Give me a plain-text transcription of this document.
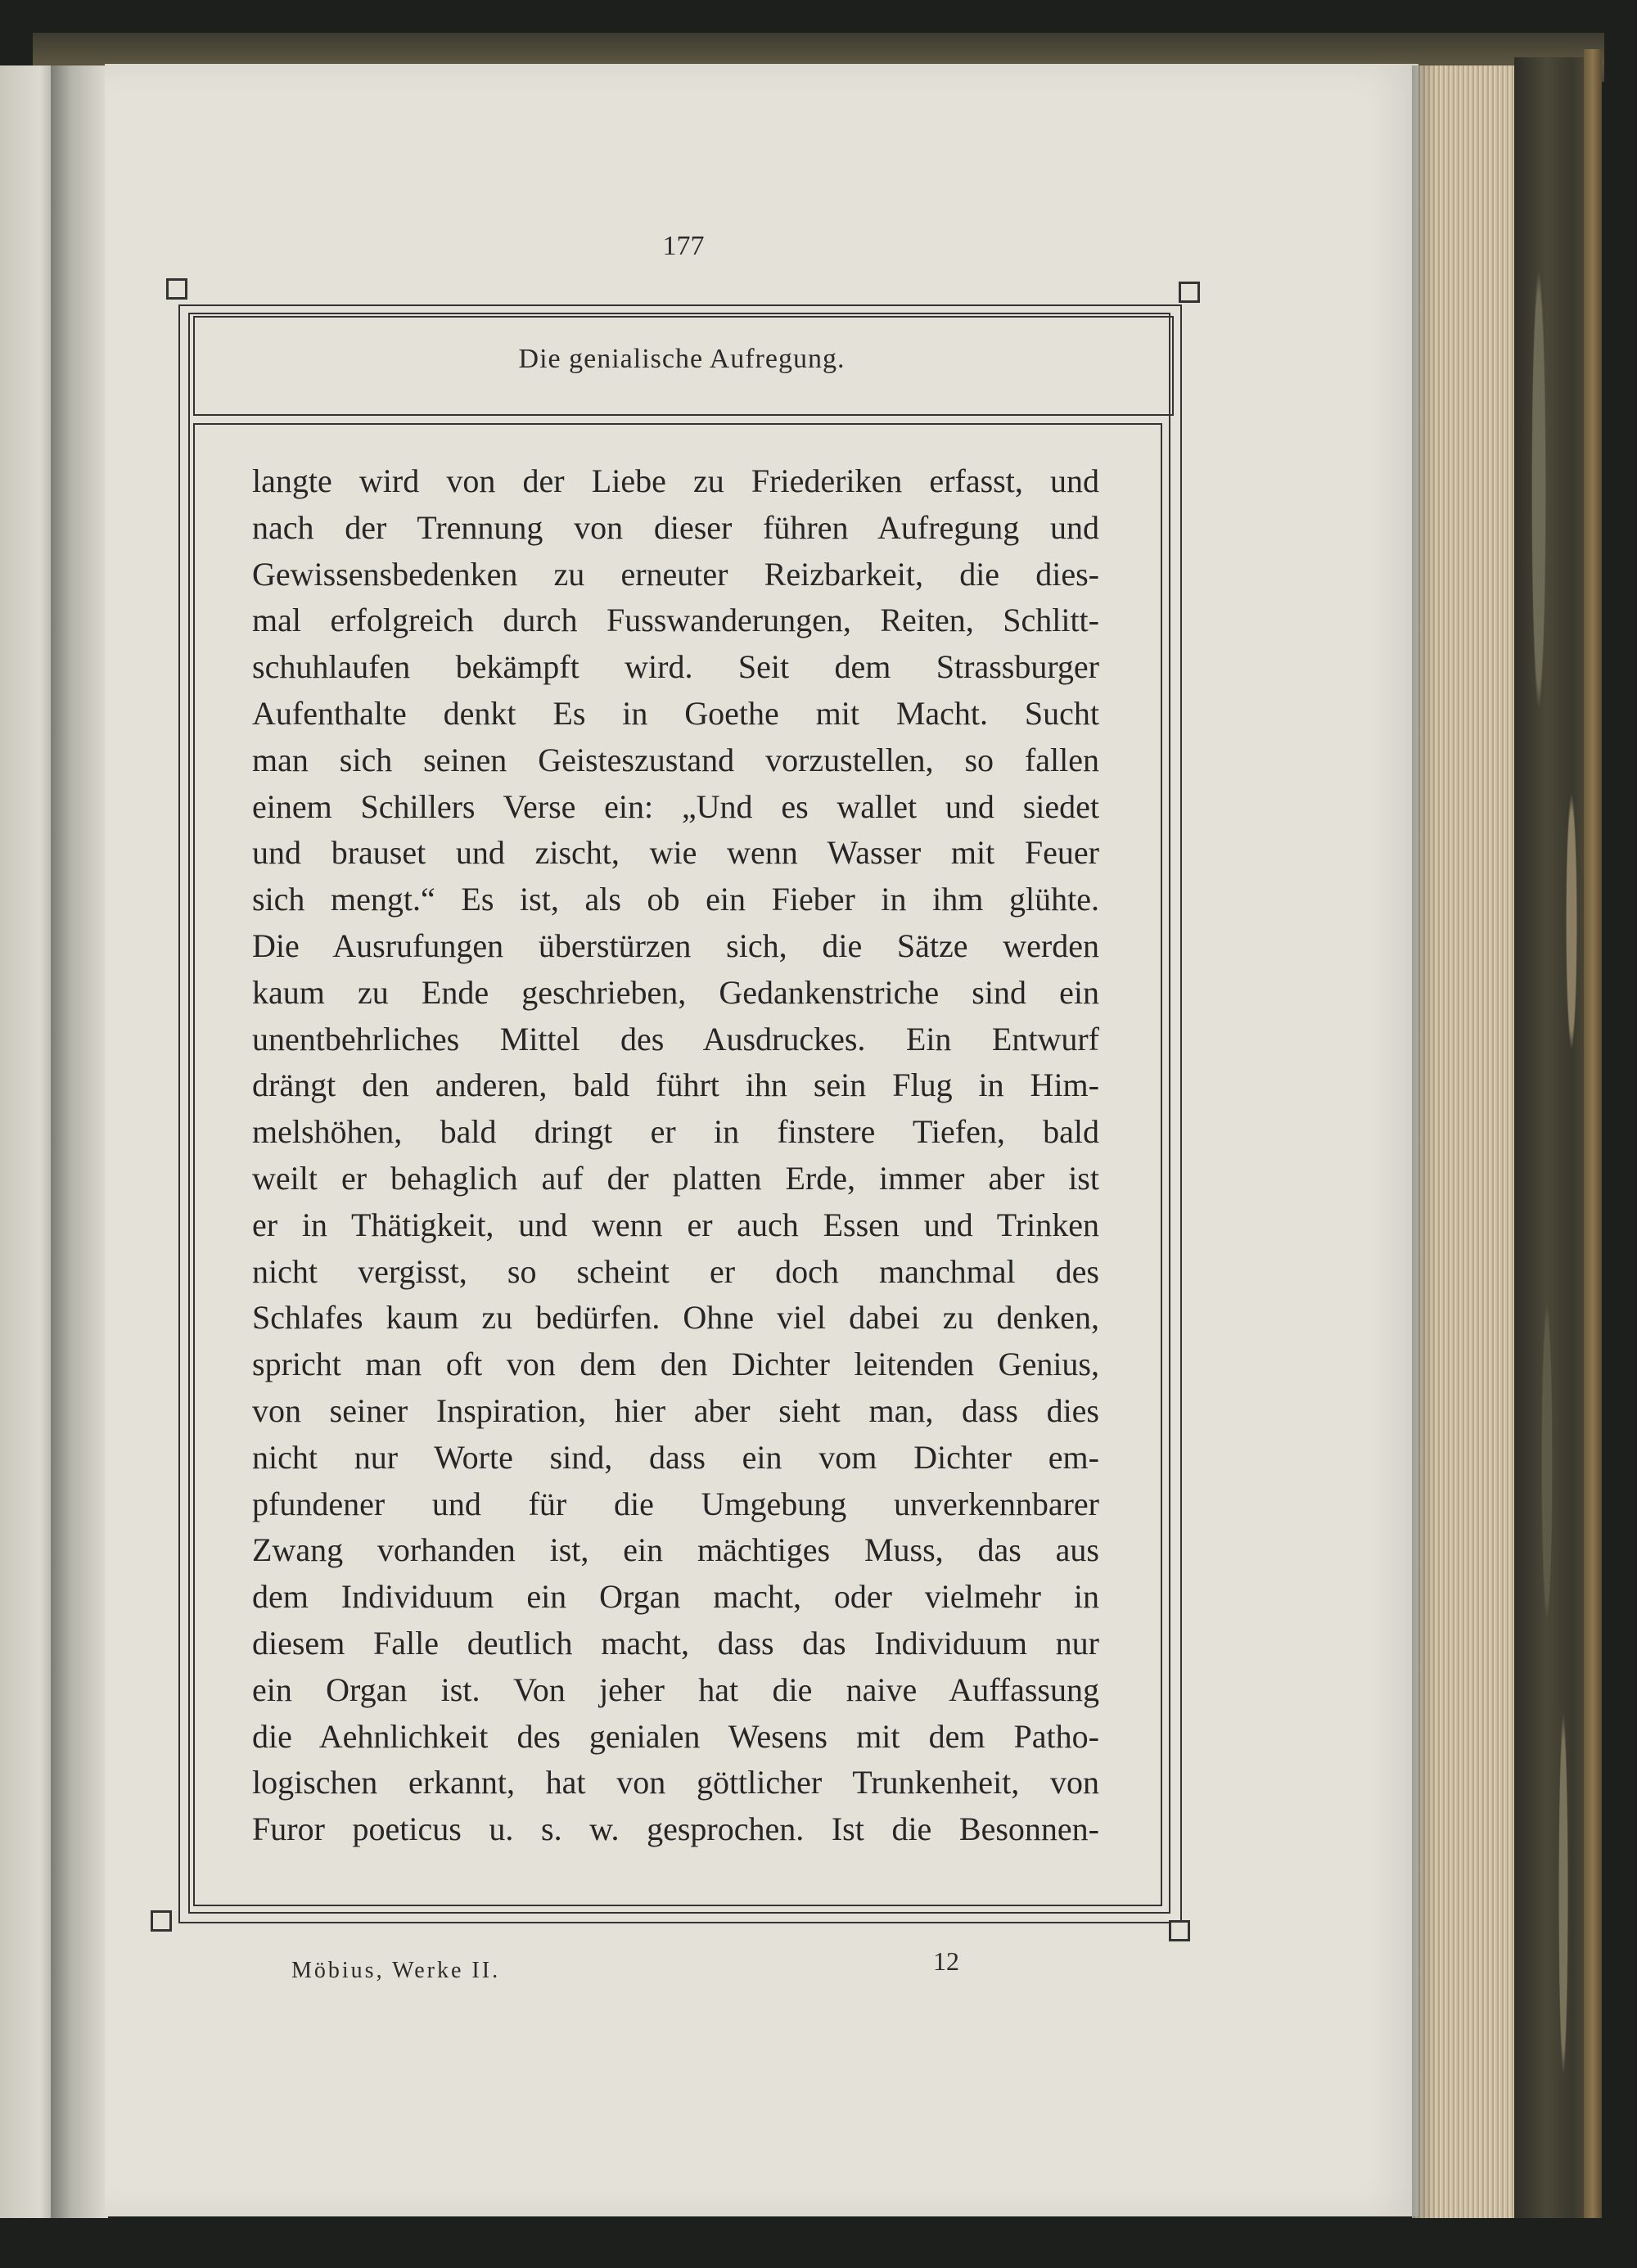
177
Die genialische Aufregung.
langte wird von der Liebe zu Friederiken erfasst, und
nach der Trennung von dieser führen Aufregung und
Gewissensbedenken zu erneuter Reizbarkeit, die dies-
mal erfolgreich durch Fusswanderungen, Reiten, Schlitt-
schuhlaufen bekämpft wird. Seit dem Strassburger
Aufenthalte denkt Es in Goethe mit Macht. Sucht
man sich seinen Geisteszustand vorzustellen, so fallen
einem Schillers Verse ein: „Und es wallet und siedet
und brauset und zischt, wie wenn Wasser mit Feuer
sich mengt.“ Es ist, als ob ein Fieber in ihm glühte.
Die Ausrufungen überstürzen sich, die Sätze werden
kaum zu Ende geschrieben, Gedankenstriche sind ein
unentbehrliches Mittel des Ausdruckes. Ein Entwurf
drängt den anderen, bald führt ihn sein Flug in Him-
melshöhen, bald dringt er in finstere Tiefen, bald
weilt er behaglich auf der platten Erde, immer aber ist
er in Thätigkeit, und wenn er auch Essen und Trinken
nicht vergisst, so scheint er doch manchmal des
Schlafes kaum zu bedürfen. Ohne viel dabei zu denken,
spricht man oft von dem den Dichter leitenden Genius,
von seiner Inspiration, hier aber sieht man, dass dies
nicht nur Worte sind, dass ein vom Dichter em-
pfundener und für die Umgebung unverkennbarer
Zwang vorhanden ist, ein mächtiges Muss, das aus
dem Individuum ein Organ macht, oder vielmehr in
diesem Falle deutlich macht, dass das Individuum nur
ein Organ ist. Von jeher hat die naive Auffassung
die Aehnlichkeit des genialen Wesens mit dem Patho-
logischen erkannt, hat von göttlicher Trunkenheit, von
Furor poeticus u. s. w. gesprochen. Ist die Besonnen-
Möbius, Werke II.	12
